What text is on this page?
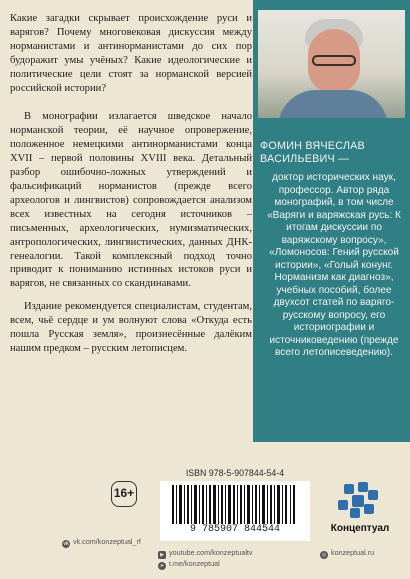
Какие загадки скрывает происхождение руси и варягов? Почему многовековая дискуссия между норманистами и антинорманистами до сих пор будоражит умы учёных? Какие идеологические и политические цели стоят за норманской версией российской истории?

В монографии излагается шведское начало норманской теории, её научное опровержение, положенное немецкими антинорманистами конца XVII – первой половины XVIII века. Детальный разбор ошибочно-ложных утверждений и фальсификаций норманистов (прежде всего археологов и лингвистов) сопровождается анализом всех известных на сегодня источников – письменных, археологических, нумизматических, антропологических, лингвистических, данных ДНК-генеалогии. Такой комплексный подход точно приводит к пониманию истинных истоков руси и варягов, не связанных со скандинавами.

Издание рекомендуется специалистам, студентам, всем, чьё сердце и ум волнуют слова «Откуда есть пошла Русская земля», произнесённые далёким нашим предком – русским летописцем.

ФОМИН ВЯЧЕСЛАВ ВАСИЛЬЕВИЧ —
доктор исторических наук, профессор. Автор ряда монографий, в том числе «Варяги и варяжская русь: К итогам дискуссии по варяжскому вопросу», «Ломоносов: Гений русской истории», «Голый конунг. Норманизм как диагноз», учебных пособий, более двухсот статей по варяго-русскому вопросу, его историографии и источниковедению (прежде всего летописеведению).
16+
ISBN 978-5-907844-54-4
9 785907 844544	Концептуал
vk vk.com/konzeptual_rf
▶ youtube.com/konzeptualtv
➤ t.me/konzeptual
◎ konzeptual.ru
